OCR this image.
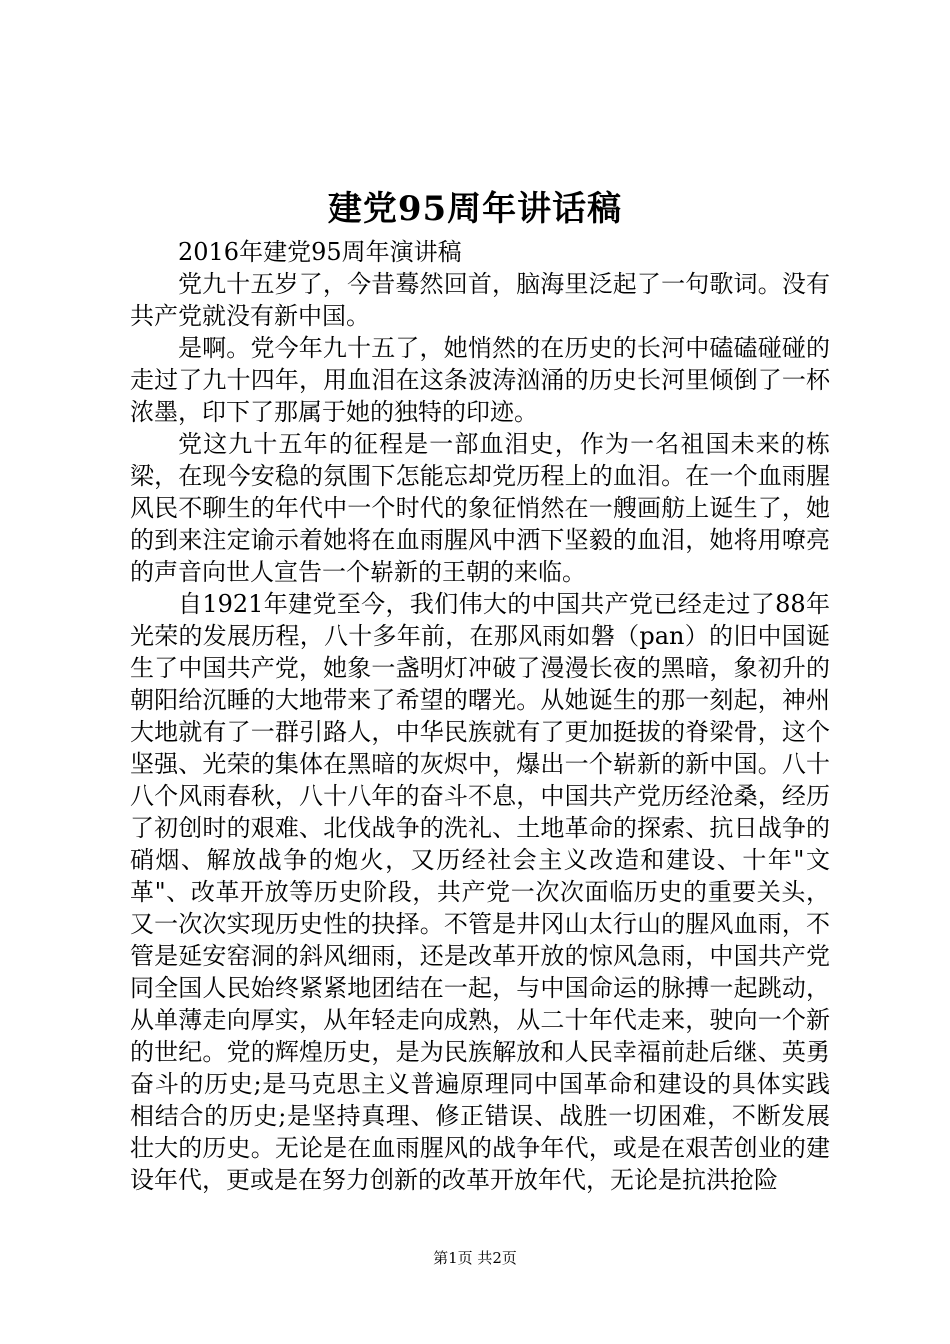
建党95周年讲话稿

2016年建党95周年演讲稿

党九十五岁了，今昔蓦然回首，脑海里泛起了一句歌词。没有共产党就没有新中国。

是啊。党今年九十五了，她悄然的在历史的长河中磕磕碰碰的走过了九十四年，用血泪在这条波涛汹涌的历史长河里倾倒了一杯浓墨，印下了那属于她的独特的印迹。

党这九十五年的征程是一部血泪史，作为一名祖国未来的栋梁，在现今安稳的氛围下怎能忘却党历程上的血泪。在一个血雨腥风民不聊生的年代中一个时代的象征悄然在一艘画舫上诞生了，她的到来注定谕示着她将在血雨腥风中洒下坚毅的血泪，她将用嘹亮的声音向世人宣告一个崭新的王朝的来临。

自1921年建党至今，我们伟大的中国共产党已经走过了88年光荣的发展历程，八十多年前，在那风雨如磐（pan）的旧中国诞生了中国共产党，她象一盏明灯冲破了漫漫长夜的黑暗，象初升的朝阳给沉睡的大地带来了希望的曙光。从她诞生的那一刻起，神州大地就有了一群引路人，中华民族就有了更加挺拔的脊梁骨，这个坚强、光荣的集体在黑暗的灰烬中，爆出一个崭新的新中国。八十八个风雨春秋，八十八年的奋斗不息，中国共产党历经沧桑，经历了初创时的艰难、北伐战争的洗礼、土地革命的探索、抗日战争的硝烟、解放战争的炮火，又历经社会主义改造和建设、十年"文革"、改革开放等历史阶段，共产党一次次面临历史的重要关头，又一次次实现历史性的抉择。不管是井冈山太行山的腥风血雨，不管是延安窑洞的斜风细雨，还是改革开放的惊风急雨，中国共产党同全国人民始终紧紧地团结在一起，与中国命运的脉搏一起跳动，从单薄走向厚实，从年轻走向成熟，从二十年代走来，驶向一个新的世纪。党的辉煌历史，是为民族解放和人民幸福前赴后继、英勇奋斗的历史;是马克思主义普遍原理同中国革命和建设的具体实践相结合的历史;是坚持真理、修正错误、战胜一切困难，不断发展壮大的历史。无论是在血雨腥风的战争年代，或是在艰苦创业的建设年代，更或是在努力创新的改革开放年代，无论是抗洪抢险

第1页 共2页
